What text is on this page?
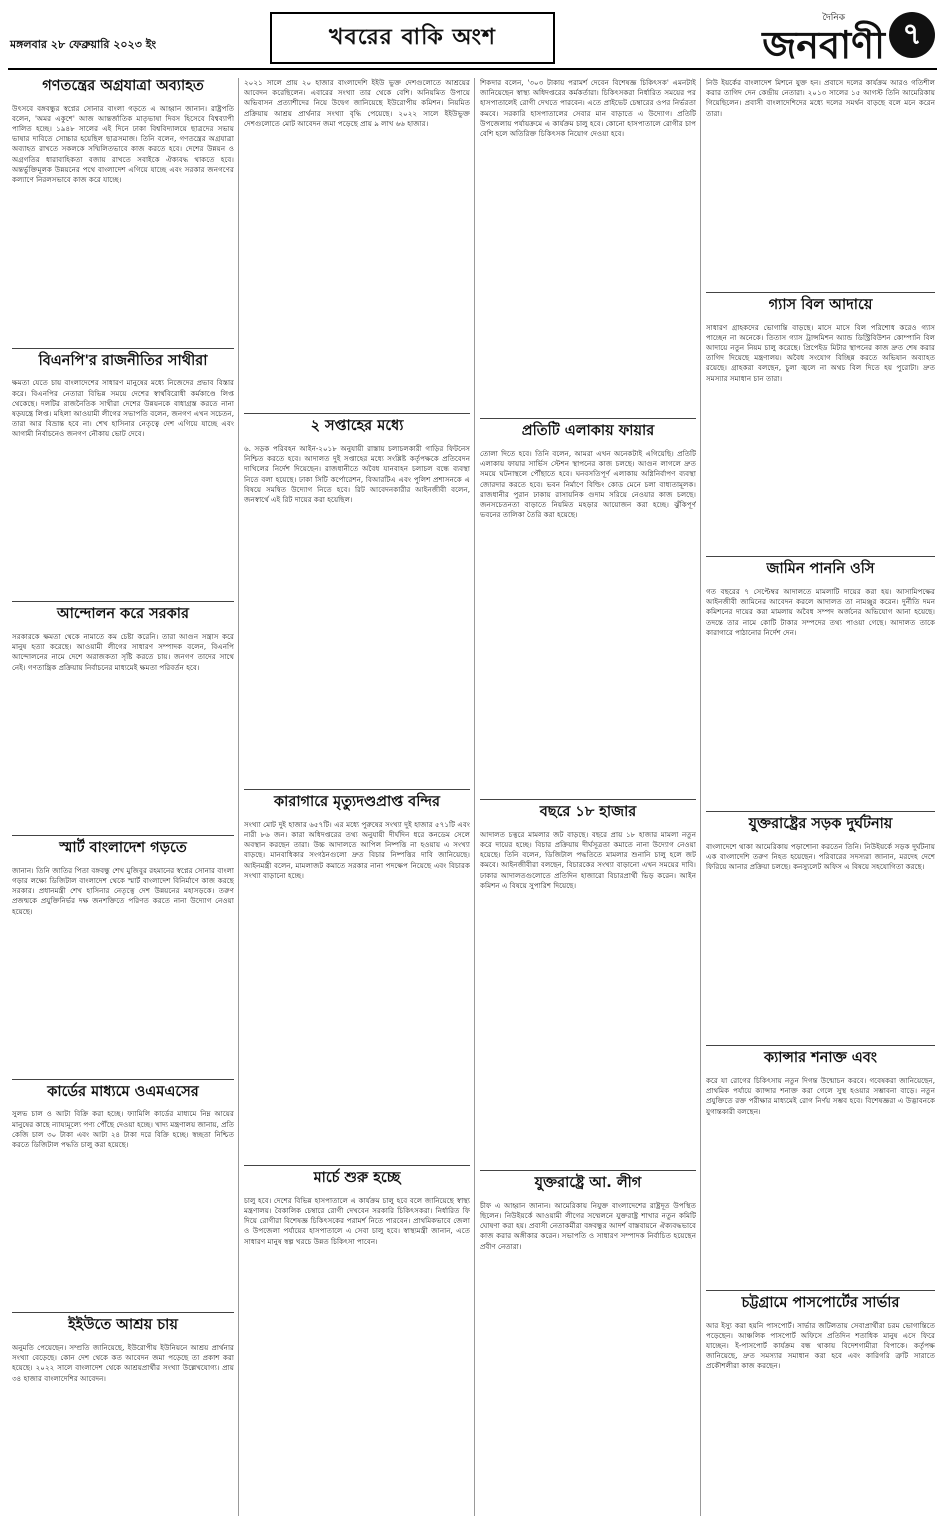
মঙ্গলবার ২৮ ফেব্রুয়ারি ২০২৩ ইং	খবরের বাকি অংশ
দৈনিক
জনবাণী ৭
গণতন্ত্রের অগ্রযাত্রা অব্যাহত
উৎসবে বঙ্গবন্ধুর স্বপ্নের সোনার বাংলা গড়তে এ আহ্বান জানান। রাষ্ট্রপতি বলেন, 'অমর একুশে' আজ আন্তর্জাতিক মাতৃভাষা দিবস হিসেবে বিশ্বব্যাপী পালিত হচ্ছে। ১৯৪৮ সালের এই দিনে ঢাকা বিশ্ববিদ্যালয়ে ছাত্রদের সভায় ভাষার দাবিতে সোচ্চার হয়েছিল ছাত্রসমাজ। তিনি বলেন, গণতন্ত্রের অগ্রযাত্রা অব্যাহত রাখতে সকলকে সম্মিলিতভাবে কাজ করতে হবে। দেশের উন্নয়ন ও অগ্রগতির ধারাবাহিকতা বজায় রাখতে সবাইকে ঐক্যবদ্ধ থাকতে হবে। অন্তর্ভুক্তিমূলক উন্নয়নের পথে বাংলাদেশ এগিয়ে যাচ্ছে এবং সরকার জনগণের কল্যাণে নিরলসভাবে কাজ করে যাচ্ছে।
বিএনপি'র রাজনীতির সাথীরা
ক্ষমতা যেতে চায় বাংলাদেশের সাধারণ মানুষের মধ্যে নিজেদের প্রভাব বিস্তার করে। বিএনপির নেতারা বিভিন্ন সময়ে দেশের স্বার্থবিরোধী কর্মকাণ্ডে লিপ্ত থেকেছে। দলটির রাজনৈতিক সাথীরা দেশের উন্নয়নকে বাধাগ্রস্ত করতে নানা ষড়যন্ত্রে লিপ্ত। মহিলা আওয়ামী লীগের সভাপতি বলেন, জনগণ এখন সচেতন, তারা আর বিভ্রান্ত হবে না। শেখ হাসিনার নেতৃত্বে দেশ এগিয়ে যাচ্ছে এবং আগামী নির্বাচনেও জনগণ নৌকায় ভোট দেবে।
আন্দোলন করে সরকার
সরকারকে ক্ষমতা থেকে নামাতে কম চেষ্টা করেনি। তারা আগুন সন্ত্রাস করে মানুষ হত্যা করেছে। আওয়ামী লীগের সাধারণ সম্পাদক বলেন, বিএনপি আন্দোলনের নামে দেশে অরাজকতা সৃষ্টি করতে চায়। জনগণ তাদের সাথে নেই। গণতান্ত্রিক প্রক্রিয়ায় নির্বাচনের মাধ্যমেই ক্ষমতা পরিবর্তন হবে।
স্মার্ট বাংলাদেশ গড়তে
জানান। তিনি জাতির পিতা বঙ্গবন্ধু শেখ মুজিবুর রহমানের স্বপ্নের সোনার বাংলা গড়ার লক্ষ্যে ডিজিটাল বাংলাদেশ থেকে স্মার্ট বাংলাদেশ বিনির্মাণে কাজ করছে সরকার। প্রধানমন্ত্রী শেখ হাসিনার নেতৃত্বে দেশ উন্নয়নের মহাসড়কে। তরুণ প্রজন্মকে প্রযুক্তিনির্ভর দক্ষ জনশক্তিতে পরিণত করতে নানা উদ্যোগ নেওয়া হয়েছে।
কার্ডের মাধ্যমে ওএমএসের
সুলভ চাল ও আটা বিক্রি করা হচ্ছে। ফ্যামিলি কার্ডের মাধ্যমে নিম্ন আয়ের মানুষের কাছে ন্যায্যমূল্যে পণ্য পৌঁছে দেওয়া হচ্ছে। খাদ্য মন্ত্রণালয় জানায়, প্রতি কেজি চাল ৩০ টাকা এবং আটা ২৪ টাকা দরে বিক্রি হচ্ছে। স্বচ্ছতা নিশ্চিত করতে ডিজিটাল পদ্ধতি চালু করা হয়েছে।
ইইউতে আশ্রয় চায়
অনুমতি পেয়েছেন। সম্প্রতি জানিয়েছে, ইউরোপীয় ইউনিয়নে আশ্রয় প্রার্থনার সংখ্যা বেড়েছে। কোন দেশ থেকে কত আবেদন জমা পড়েছে তা প্রকাশ করা হয়েছে। ২০২২ সালে বাংলাদেশ থেকে আশ্রয়প্রার্থীর সংখ্যা উল্লেখযোগ্য। প্রায় ৩৪ হাজার বাংলাদেশির আবেদন।
২০২১ সালে প্রায় ২০ হাজার বাংলাদেশি ইইউ ভুক্ত দেশগুলোতে আশ্রয়ের আবেদন করেছিলেন। এবারের সংখ্যা তার থেকে বেশি। অনিয়মিত উপায়ে অভিবাসন প্রত্যাশীদের নিয়ে উদ্বেগ জানিয়েছে ইউরোপীয় কমিশন। নিয়মিত প্রক্রিয়ায় আশ্রয় প্রার্থনার সংখ্যা বৃদ্ধি পেয়েছে। ২০২২ সালে ইইউভুক্ত দেশগুলোতে মোট আবেদন জমা পড়েছে প্রায় ৯ লাখ ৬৬ হাজার।
২ সপ্তাহের মধ্যে
৬. সড়ক পরিবহন আইন-২০১৮ অনুযায়ী রাস্তায় চলাচলকারী গাড়ির ফিটনেস নিশ্চিত করতে হবে। আদালত দুই সপ্তাহের মধ্যে সংশ্লিষ্ট কর্তৃপক্ষকে প্রতিবেদন দাখিলের নির্দেশ দিয়েছেন। রাজধানীতে অবৈধ যানবাহন চলাচল বন্ধে ব্যবস্থা নিতে বলা হয়েছে। ঢাকা সিটি কর্পোরেশন, বিআরটিএ এবং পুলিশ প্রশাসনকে এ বিষয়ে সমন্বিত উদ্যোগ নিতে হবে। রিট আবেদনকারীর আইনজীবী বলেন, জনস্বার্থে এই রিট দায়ের করা হয়েছিল।
কারাগারে মৃত্যুদণ্ডপ্রাপ্ত বন্দির
সংখ্যা মোট দুই হাজার ৬৫৭টি। এর মধ্যে পুরুষের সংখ্যা দুই হাজার ৫৭১টি এবং নারী ৮৬ জন। কারা অধিদপ্তরের তথ্য অনুযায়ী দীর্ঘদিন ধরে কনডেম সেলে অবস্থান করছেন তারা। উচ্চ আদালতে আপিল নিষ্পত্তি না হওয়ায় এ সংখ্যা বাড়ছে। মানবাধিকার সংগঠনগুলো দ্রুত বিচার নিষ্পত্তির দাবি জানিয়েছে। আইনমন্ত্রী বলেন, মামলাজট কমাতে সরকার নানা পদক্ষেপ নিয়েছে এবং বিচারক সংখ্যা বাড়ানো হচ্ছে।
মার্চে শুরু হচ্ছে
চালু হবে। দেশের বিভিন্ন হাসপাতালে এ কার্যক্রম চালু হবে বলে জানিয়েছে স্বাস্থ্য মন্ত্রণালয়। বৈকালিক চেম্বারে রোগী দেখবেন সরকারি চিকিৎসকরা। নির্ধারিত ফি দিয়ে রোগীরা বিশেষজ্ঞ চিকিৎসকের পরামর্শ নিতে পারবেন। প্রাথমিকভাবে জেলা ও উপজেলা পর্যায়ের হাসপাতালে এ সেবা চালু হবে। স্বাস্থ্যমন্ত্রী জানান, এতে সাধারণ মানুষ স্বল্প খরচে উন্নত চিকিৎসা পাবেন।
শিকদার বলেন, '৩০৩ টাকায় পরামর্শ দেবেন বিশেষজ্ঞ চিকিৎসক' এমনটাই জানিয়েছেন স্বাস্থ্য অধিদপ্তরের কর্মকর্তারা। চিকিৎসকরা নির্ধারিত সময়ের পর হাসপাতালেই রোগী দেখতে পারবেন। এতে প্রাইভেট চেম্বারের ওপর নির্ভরতা কমবে। সরকারি হাসপাতালের সেবার মান বাড়াতে এ উদ্যোগ। প্রতিটি উপজেলায় পর্যায়ক্রমে এ কার্যক্রম চালু হবে। কোনো হাসপাতালে রোগীর চাপ বেশি হলে অতিরিক্ত চিকিৎসক নিয়োগ দেওয়া হবে।
প্রতিটি এলাকায় ফায়ার
তোলা দিতে হবে। তিনি বলেন, আমরা এখন অনেকটাই এগিয়েছি। প্রতিটি এলাকায় ফায়ার সার্ভিস স্টেশন স্থাপনের কাজ চলছে। আগুন লাগলে দ্রুত সময়ে ঘটনাস্থলে পৌঁছাতে হবে। ঘনবসতিপূর্ণ এলাকায় অগ্নিনির্বাপণ ব্যবস্থা জোরদার করতে হবে। ভবন নির্মাণে বিল্ডিং কোড মেনে চলা বাধ্যতামূলক। রাজধানীর পুরান ঢাকায় রাসায়নিক গুদাম সরিয়ে নেওয়ার কাজ চলছে। জনসচেতনতা বাড়াতে নিয়মিত মহড়ার আয়োজন করা হচ্ছে। ঝুঁকিপূর্ণ ভবনের তালিকা তৈরি করা হয়েছে।
বছরে ১৮ হাজার
আদালত চত্বরে মামলার জট বাড়ছে। বছরে প্রায় ১৮ হাজার মামলা নতুন করে দায়ের হচ্ছে। বিচার প্রক্রিয়ায় দীর্ঘসূত্রতা কমাতে নানা উদ্যোগ নেওয়া হয়েছে। তিনি বলেন, ডিজিটাল পদ্ধতিতে মামলার শুনানি চালু হলে জট কমবে। আইনজীবীরা বলছেন, বিচারকের সংখ্যা বাড়ানো এখন সময়ের দাবি। ঢাকার আদালতগুলোতে প্রতিদিন হাজারো বিচারপ্রার্থী ভিড় করেন। আইন কমিশন এ বিষয়ে সুপারিশ দিয়েছে।
যুক্তরাষ্ট্রে আ. লীগ
চীফ এ আহ্বান জানান। আমেরিকায় নিযুক্ত বাংলাদেশের রাষ্ট্রদূত উপস্থিত ছিলেন। নিউইয়র্কে আওয়ামী লীগের সম্মেলনে যুক্তরাষ্ট্র শাখার নতুন কমিটি ঘোষণা করা হয়। প্রবাসী নেতাকর্মীরা বঙ্গবন্ধুর আদর্শ বাস্তবায়নে ঐক্যবদ্ধভাবে কাজ করার অঙ্গীকার করেন। সভাপতি ও সাধারণ সম্পাদক নির্বাচিত হয়েছেন প্রবীণ নেতারা।
নিউ ইয়র্কের বাংলাদেশ মিশনে যুক্ত হন। প্রবাসে দলের কার্যক্রম আরও গতিশীল করার তাগিদ দেন কেন্দ্রীয় নেতারা। ২০১৩ সালের ১৫ আগস্ট তিনি আমেরিকায় গিয়েছিলেন। প্রবাসী বাংলাদেশিদের মধ্যে দলের সমর্থন বাড়ছে বলে মনে করেন তারা।
গ্যাস বিল আদায়ে
সাধারণ গ্রাহকদের ভোগান্তি বাড়ছে। মাসে মাসে বিল পরিশোধ করেও গ্যাস পাচ্ছেন না অনেকে। তিতাস গ্যাস ট্রান্সমিশন অ্যান্ড ডিস্ট্রিবিউশন কোম্পানি বিল আদায়ে নতুন নিয়ম চালু করেছে। প্রিপেইড মিটার স্থাপনের কাজ দ্রুত শেষ করার তাগিদ দিয়েছে মন্ত্রণালয়। অবৈধ সংযোগ বিচ্ছিন্ন করতে অভিযান অব্যাহত রয়েছে। গ্রাহকরা বলছেন, চুলা জ্বলে না অথচ বিল দিতে হয় পুরোটা। দ্রুত সমস্যার সমাধান চান তারা।
জামিন পাননি ওসি
গত বছরের ৭ সেপ্টেম্বর আদালতে মামলাটি দায়ের করা হয়। আসামিপক্ষের আইনজীবী জামিনের আবেদন করলে আদালত তা নামঞ্জুর করেন। দুর্নীতি দমন কমিশনের দায়ের করা মামলায় অবৈধ সম্পদ অর্জনের অভিযোগ আনা হয়েছে। তদন্তে তার নামে কোটি টাকার সম্পদের তথ্য পাওয়া গেছে। আদালত তাকে কারাগারে পাঠানোর নির্দেশ দেন।
যুক্তরাষ্ট্রের সড়ক দুর্ঘটনায়
বাংলাদেশে থাকা আমেরিকায় পড়াশোনা করতেন তিনি। নিউইয়র্কে সড়ক দুর্ঘটনায় এক বাংলাদেশি তরুণ নিহত হয়েছেন। পরিবারের সদস্যরা জানান, মরদেহ দেশে ফিরিয়ে আনার প্রক্রিয়া চলছে। কনস্যুলেট অফিস এ বিষয়ে সহযোগিতা করছে।
ক্যান্সার শনাক্ত এবং
করে যা রোগের চিকিৎসায় নতুন দিগন্ত উন্মোচন করবে। গবেষকরা জানিয়েছেন, প্রাথমিক পর্যায়ে ক্যান্সার শনাক্ত করা গেলে সুস্থ হওয়ার সম্ভাবনা বাড়ে। নতুন প্রযুক্তিতে রক্ত পরীক্ষার মাধ্যমেই রোগ নির্ণয় সম্ভব হবে। বিশেষজ্ঞরা এ উদ্ভাবনকে যুগান্তকারী বলছেন।
চট্টগ্রামে পাসপোর্টের সার্ভার
আর ইস্যু করা হয়নি পাসপোর্ট। সার্ভার জটিলতায় সেবাপ্রার্থীরা চরম ভোগান্তিতে পড়েছেন। আঞ্চলিক পাসপোর্ট অফিসে প্রতিদিন শতাধিক মানুষ এসে ফিরে যাচ্ছেন। ই-পাসপোর্ট কার্যক্রম বন্ধ থাকায় বিদেশগামীরা বিপাকে। কর্তৃপক্ষ জানিয়েছে, দ্রুত সমস্যার সমাধান করা হবে এবং কারিগরি ত্রুটি সারাতে প্রকৌশলীরা কাজ করছেন।
